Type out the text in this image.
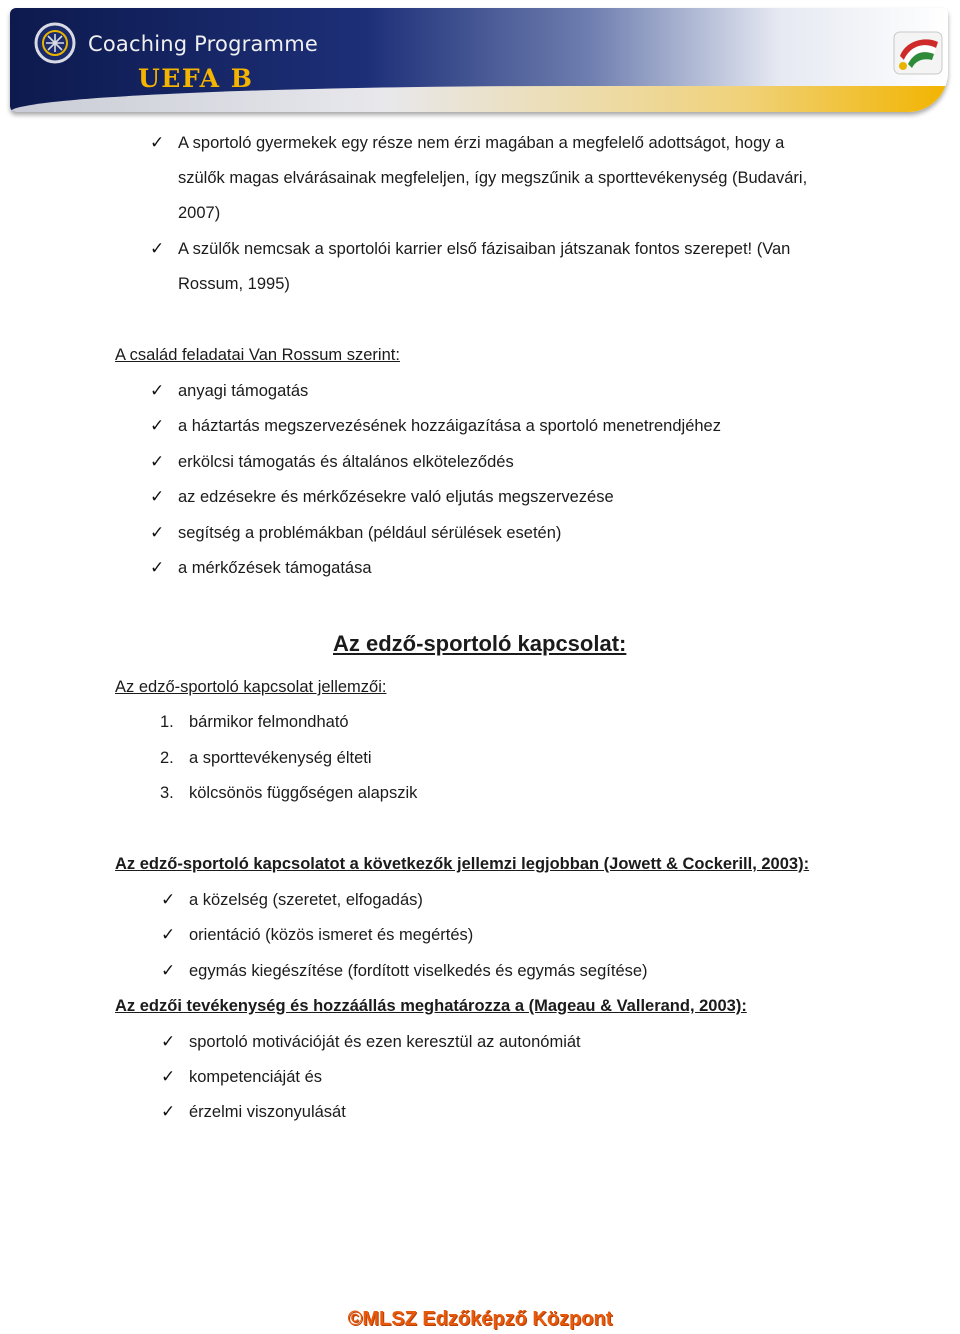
Coaching Programme
UEFA B
✓ A sportoló gyermekek egy része nem érzi magában a megfelelő adottságot, hogy a
szülők magas elvárásainak megfeleljen, így megszűnik a sporttevékenység (Budavári,
2007)
✓ A szülők nemcsak a sportolói karrier első fázisaiban játszanak fontos szerepet! (Van
Rossum, 1995)
A család feladatai Van Rossum szerint:
✓ anyagi támogatás
✓ a háztartás megszervezésének hozzáigazítása a sportoló menetrendjéhez
✓ erkölcsi támogatás és általános elköteleződés
✓ az edzésekre és mérkőzésekre való eljutás megszervezése
✓ segítség a problémákban (például sérülések esetén)
✓ a mérkőzések támogatása
Az edző-sportoló kapcsolat:
Az edző-sportoló kapcsolat jellemzői:
1. bármikor felmondható
2. a sporttevékenység élteti
3. kölcsönös függőségen alapszik
Az edző-sportoló kapcsolatot a következők jellemzi legjobban (Jowett & Cockerill, 2003):
✓ a közelség (szeretet, elfogadás)
✓ orientáció (közös ismeret és megértés)
✓ egymás kiegészítése (fordított viselkedés és egymás segítése)
Az edzői tevékenység és hozzáállás meghatározza a (Mageau & Vallerand, 2003):
✓ sportoló motivációját és ezen keresztül az autonómiát
✓ kompetenciáját és
✓ érzelmi viszonyulását
©MLSZ Edzőképző Központ
